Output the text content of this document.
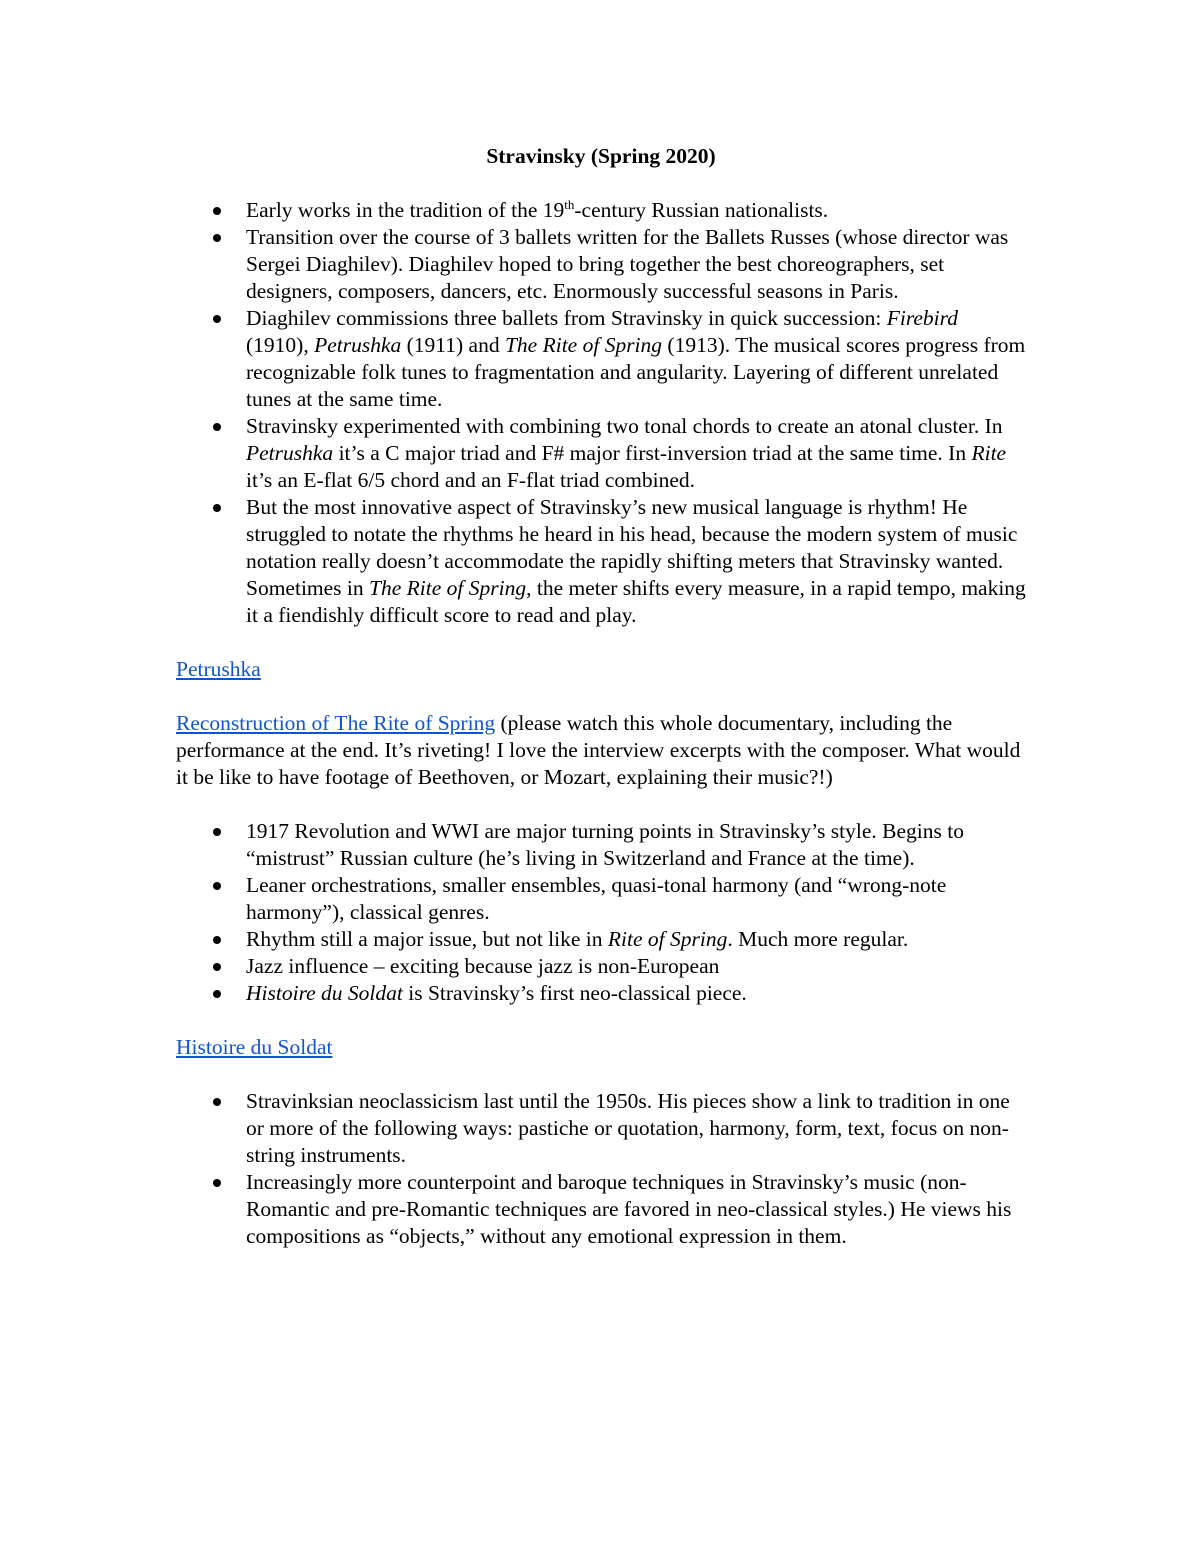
Stravinsky (Spring 2020)

Early works in the tradition of the 19th-century Russian nationalists.
Transition over the course of 3 ballets written for the Ballets Russes (whose director was Sergei Diaghilev). Diaghilev hoped to bring together the best choreographers, set designers, composers, dancers, etc. Enormously successful seasons in Paris.
Diaghilev commissions three ballets from Stravinsky in quick succession: Firebird (1910), Petrushka (1911) and The Rite of Spring (1913). The musical scores progress from recognizable folk tunes to fragmentation and angularity. Layering of different unrelated tunes at the same time.
Stravinsky experimented with combining two tonal chords to create an atonal cluster. In Petrushka it’s a C major triad and F# major first-inversion triad at the same time. In Rite it’s an E-flat 6/5 chord and an F-flat triad combined.
But the most innovative aspect of Stravinsky’s new musical language is rhythm! He struggled to notate the rhythms he heard in his head, because the modern system of music notation really doesn’t accommodate the rapidly shifting meters that Stravinsky wanted. Sometimes in The Rite of Spring, the meter shifts every measure, in a rapid tempo, making it a fiendishly difficult score to read and play.

Petrushka

Reconstruction of The Rite of Spring (please watch this whole documentary, including the performance at the end. It’s riveting! I love the interview excerpts with the composer. What would it be like to have footage of Beethoven, or Mozart, explaining their music?!)

1917 Revolution and WWI are major turning points in Stravinsky’s style. Begins to “mistrust” Russian culture (he’s living in Switzerland and France at the time).
Leaner orchestrations, smaller ensembles, quasi-tonal harmony (and “wrong-note harmony”), classical genres.
Rhythm still a major issue, but not like in Rite of Spring. Much more regular.
Jazz influence – exciting because jazz is non-European
Histoire du Soldat is Stravinsky’s first neo-classical piece.

Histoire du Soldat

Stravinksian neoclassicism last until the 1950s. His pieces show a link to tradition in one or more of the following ways: pastiche or quotation, harmony, form, text, focus on non-string instruments.
Increasingly more counterpoint and baroque techniques in Stravinsky’s music (non-Romantic and pre-Romantic techniques are favored in neo-classical styles.) He views his compositions as “objects,” without any emotional expression in them.
